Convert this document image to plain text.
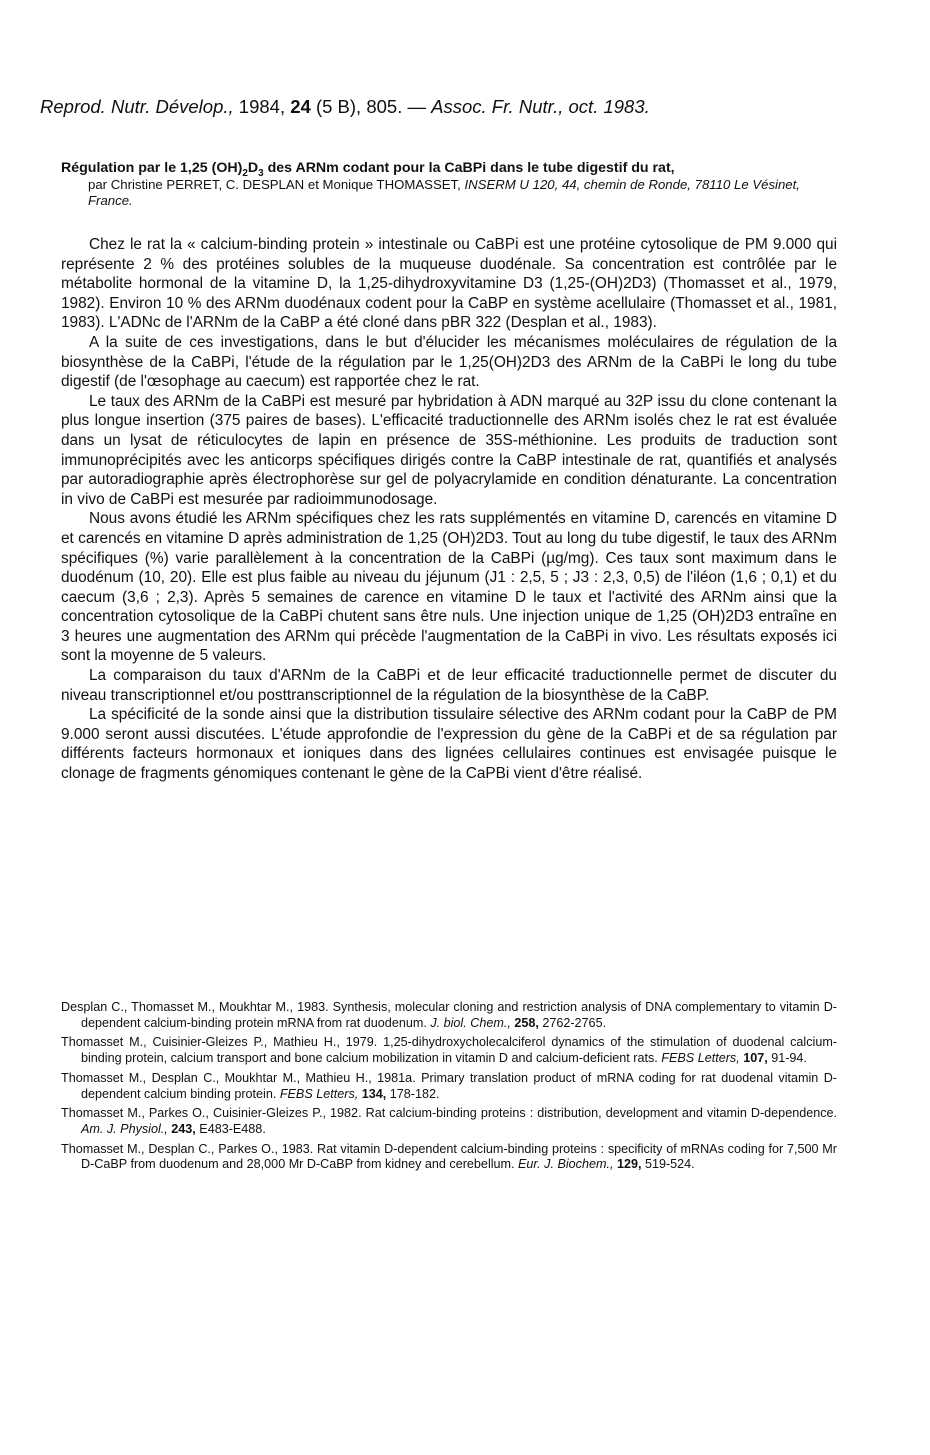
Reprod. Nutr. Dévelop., 1984, 24 (5 B), 805. — Assoc. Fr. Nutr., oct. 1983.
Régulation par le 1,25 $(OH)_2D_3$ des ARNm codant pour la CaBPi dans le tube digestif du rat,
par Christine PERRET, C. DESPLAN et Monique THOMASSET, INSERM U 120, 44, chemin de Ronde, 78110 Le Vésinet, France.

Chez le rat la « calcium-binding protein » intestinale ou CaBPi est une protéine cytosolique de PM 9.000 qui représente 2 % des protéines solubles de la muqueuse duodénale. Sa concentration est contrôlée par le métabolite hormonal de la vitamine D, la 1,25-dihydroxyvitamine D3 (1,25-(OH)2D3) (Thomasset et al., 1979, 1982). Environ 10 % des ARNm duodénaux codent pour la CaBP en système acellulaire (Thomasset et al., 1981, 1983). L'ADNc de l'ARNm de la CaBP a été cloné dans pBR 322 (Desplan et al., 1983).

A la suite de ces investigations, dans le but d'élucider les mécanismes moléculaires de régulation de la biosynthèse de la CaBPi, l'étude de la régulation par le 1,25(OH)2D3 des ARNm de la CaBPi le long du tube digestif (de l'œsophage au caecum) est rapportée chez le rat.

Le taux des ARNm de la CaBPi est mesuré par hybridation à ADN marqué au 32P issu du clone contenant la plus longue insertion (375 paires de bases). L'efficacité traductionnelle des ARNm isolés chez le rat est évaluée dans un lysat de réticulocytes de lapin en présence de 35S-méthionine. Les produits de traduction sont immunoprécipités avec les anticorps spécifiques dirigés contre la CaBP intestinale de rat, quantifiés et analysés par autoradiographie après électrophorèse sur gel de polyacrylamide en condition dénaturante. La concentration in vivo de CaBPi est mesurée par radioimmunodosage.

Nous avons étudié les ARNm spécifiques chez les rats supplémentés en vitamine D, carencés en vitamine D et carencés en vitamine D après administration de 1,25 (OH)2D3. Tout au long du tube digestif, le taux des ARNm spécifiques (%) varie parallèlement à la concentration de la CaBPi (µg/mg). Ces taux sont maximum dans le duodénum (10, 20). Elle est plus faible au niveau du jéjunum (J1 : 2,5, 5 ; J3 : 2,3, 0,5) de l'iléon (1,6 ; 0,1) et du caecum (3,6 ; 2,3). Après 5 semaines de carence en vitamine D le taux et l'activité des ARNm ainsi que la concentration cytosolique de la CaBPi chutent sans être nuls. Une injection unique de 1,25 (OH)2D3 entraîne en 3 heures une augmentation des ARNm qui précède l'augmentation de la CaBPi in vivo. Les résultats exposés ici sont la moyenne de 5 valeurs.

La comparaison du taux d'ARNm de la CaBPi et de leur efficacité traductionnelle permet de discuter du niveau transcriptionnel et/ou posttranscriptionnel de la régulation de la biosynthèse de la CaBP.

La spécificité de la sonde ainsi que la distribution tissulaire sélective des ARNm codant pour la CaBP de PM 9.000 seront aussi discutées. L'étude approfondie de l'expression du gène de la CaBPi et de sa régulation par différents facteurs hormonaux et ioniques dans des lignées cellulaires continues est envisagée puisque le clonage de fragments génomiques contenant le gène de la CaPBi vient d'être réalisé.

Desplan C., Thomasset M., Moukhtar M., 1983. Synthesis, molecular cloning and restriction analysis of DNA complementary to vitamin D-dependent calcium-binding protein mRNA from rat duodenum. J. biol. Chem., 258, 2762-2765.

Thomasset M., Cuisinier-Gleizes P., Mathieu H., 1979. 1,25-dihydroxycholecalciferol dynamics of the stimulation of duodenal calcium-binding protein, calcium transport and bone calcium mobilization in vitamin D and calcium-deficient rats. FEBS Letters, 107, 91-94.

Thomasset M., Desplan C., Moukhtar M., Mathieu H., 1981a. Primary translation product of mRNA coding for rat duodenal vitamin D-dependent calcium binding protein. FEBS Letters, 134, 178-182.

Thomasset M., Parkes O., Cuisinier-Gleizes P., 1982. Rat calcium-binding proteins : distribution, development and vitamin D-dependence. Am. J. Physiol., 243, E483-E488.

Thomasset M., Desplan C., Parkes O., 1983. Rat vitamin D-dependent calcium-binding proteins : specificity of mRNAs coding for 7,500 Mr D-CaBP from duodenum and 28,000 Mr D-CaBP from kidney and cerebellum. Eur. J. Biochem., 129, 519-524.
